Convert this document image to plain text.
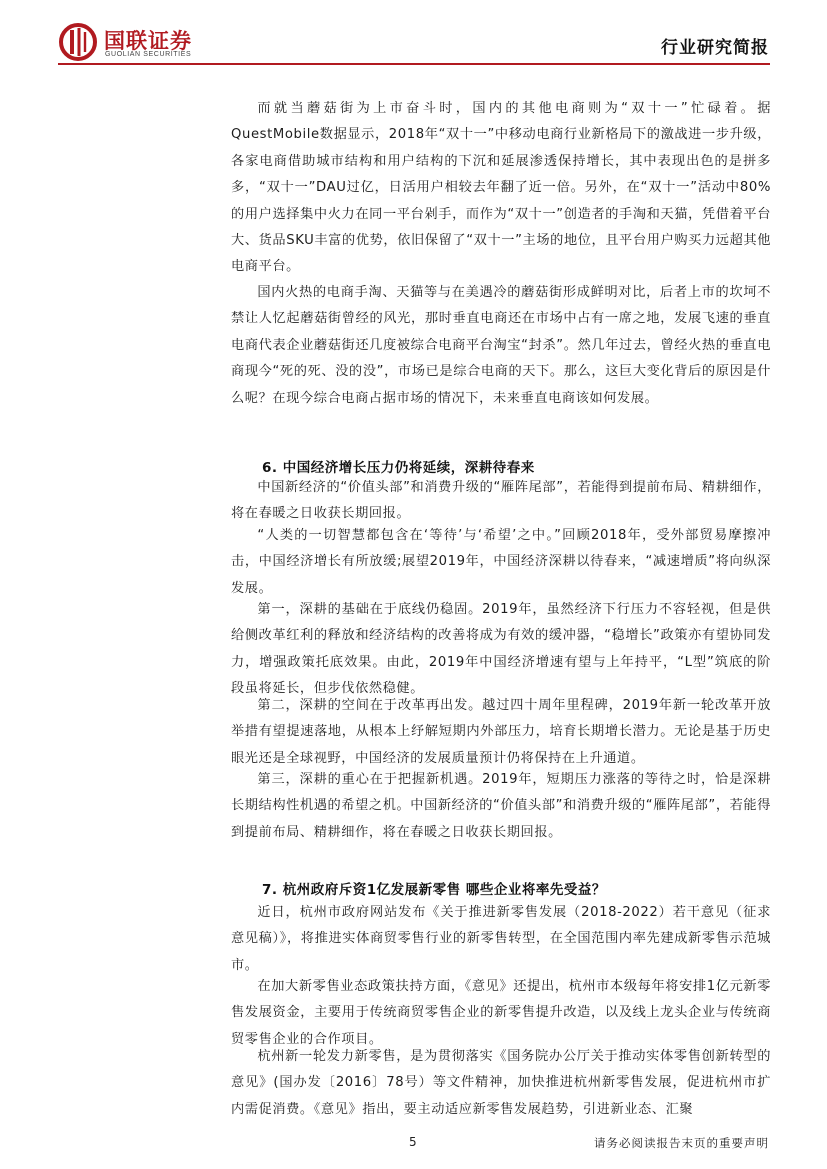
国联证券
GUOLIAN SECURITIES	行业研究简报

而就当蘑菇街为上市奋斗时，国内的其他电商则为“双十一”忙碌着。据QuestMobile数据显示，2018年“双十一”中移动电商行业新格局下的激战进一步升级，各家电商借助城市结构和用户结构的下沉和延展渗透保持增长，其中表现出色的是拼多多，“双十一”DAU过亿，日活用户相较去年翻了近一倍。另外，在“双十一”活动中80%的用户选择集中火力在同一平台剁手，而作为“双十一”创造者的手淘和天猫，凭借着平台大、货品SKU丰富的优势，依旧保留了“双十一”主场的地位，且平台用户购买力远超其他电商平台。

国内火热的电商手淘、天猫等与在美遇冷的蘑菇街形成鲜明对比，后者上市的坎坷不禁让人忆起蘑菇街曾经的风光，那时垂直电商还在市场中占有一席之地，发展飞速的垂直电商代表企业蘑菇街还几度被综合电商平台淘宝“封杀”。然几年过去，曾经火热的垂直电商现今“死的死、没的没”，市场已是综合电商的天下。那么，这巨大变化背后的原因是什么呢？在现今综合电商占据市场的情况下，未来垂直电商该如何发展。

6. 中国经济增长压力仍将延续，深耕待春来

中国新经济的“价值头部”和消费升级的“雁阵尾部”，若能得到提前布局、精耕细作，将在春暖之日收获长期回报。

“人类的一切智慧都包含在‘等待’与‘希望’之中。”回顾2018年，受外部贸易摩擦冲击，中国经济增长有所放缓;展望2019年，中国经济深耕以待春来，“减速增质”将向纵深发展。

第一，深耕的基础在于底线仍稳固。2019年，虽然经济下行压力不容轻视，但是供给侧改革红利的释放和经济结构的改善将成为有效的缓冲器，“稳增长”政策亦有望协同发力，增强政策托底效果。由此，2019年中国经济增速有望与上年持平，“L型”筑底的阶段虽将延长，但步伐依然稳健。

第二，深耕的空间在于改革再出发。越过四十周年里程碑，2019年新一轮改革开放举措有望提速落地，从根本上纾解短期内外部压力，培育长期增长潜力。无论是基于历史眼光还是全球视野，中国经济的发展质量预计仍将保持在上升通道。

第三，深耕的重心在于把握新机遇。2019年，短期压力涨落的等待之时，恰是深耕长期结构性机遇的希望之机。中国新经济的“价值头部”和消费升级的“雁阵尾部”，若能得到提前布局、精耕细作，将在春暖之日收获长期回报。

7. 杭州政府斥资1亿发展新零售 哪些企业将率先受益？

近日，杭州市政府网站发布《关于推进新零售发展（2018-2022）若干意见（征求意见稿）》，将推进实体商贸零售行业的新零售转型，在全国范围内率先建成新零售示范城市。

在加大新零售业态政策扶持方面，《意见》还提出，杭州市本级每年将安排1亿元新零售发展资金，主要用于传统商贸零售企业的新零售提升改造，以及线上龙头企业与传统商贸零售企业的合作项目。

杭州新一轮发力新零售，是为贯彻落实《国务院办公厅关于推动实体零售创新转型的意见》(国办发〔2016〕78号）等文件精神，加快推进杭州新零售发展，促进杭州市扩内需促消费。《意见》指出，要主动适应新零售发展趋势，引进新业态、汇聚

5	请务必阅读报告末页的重要声明
